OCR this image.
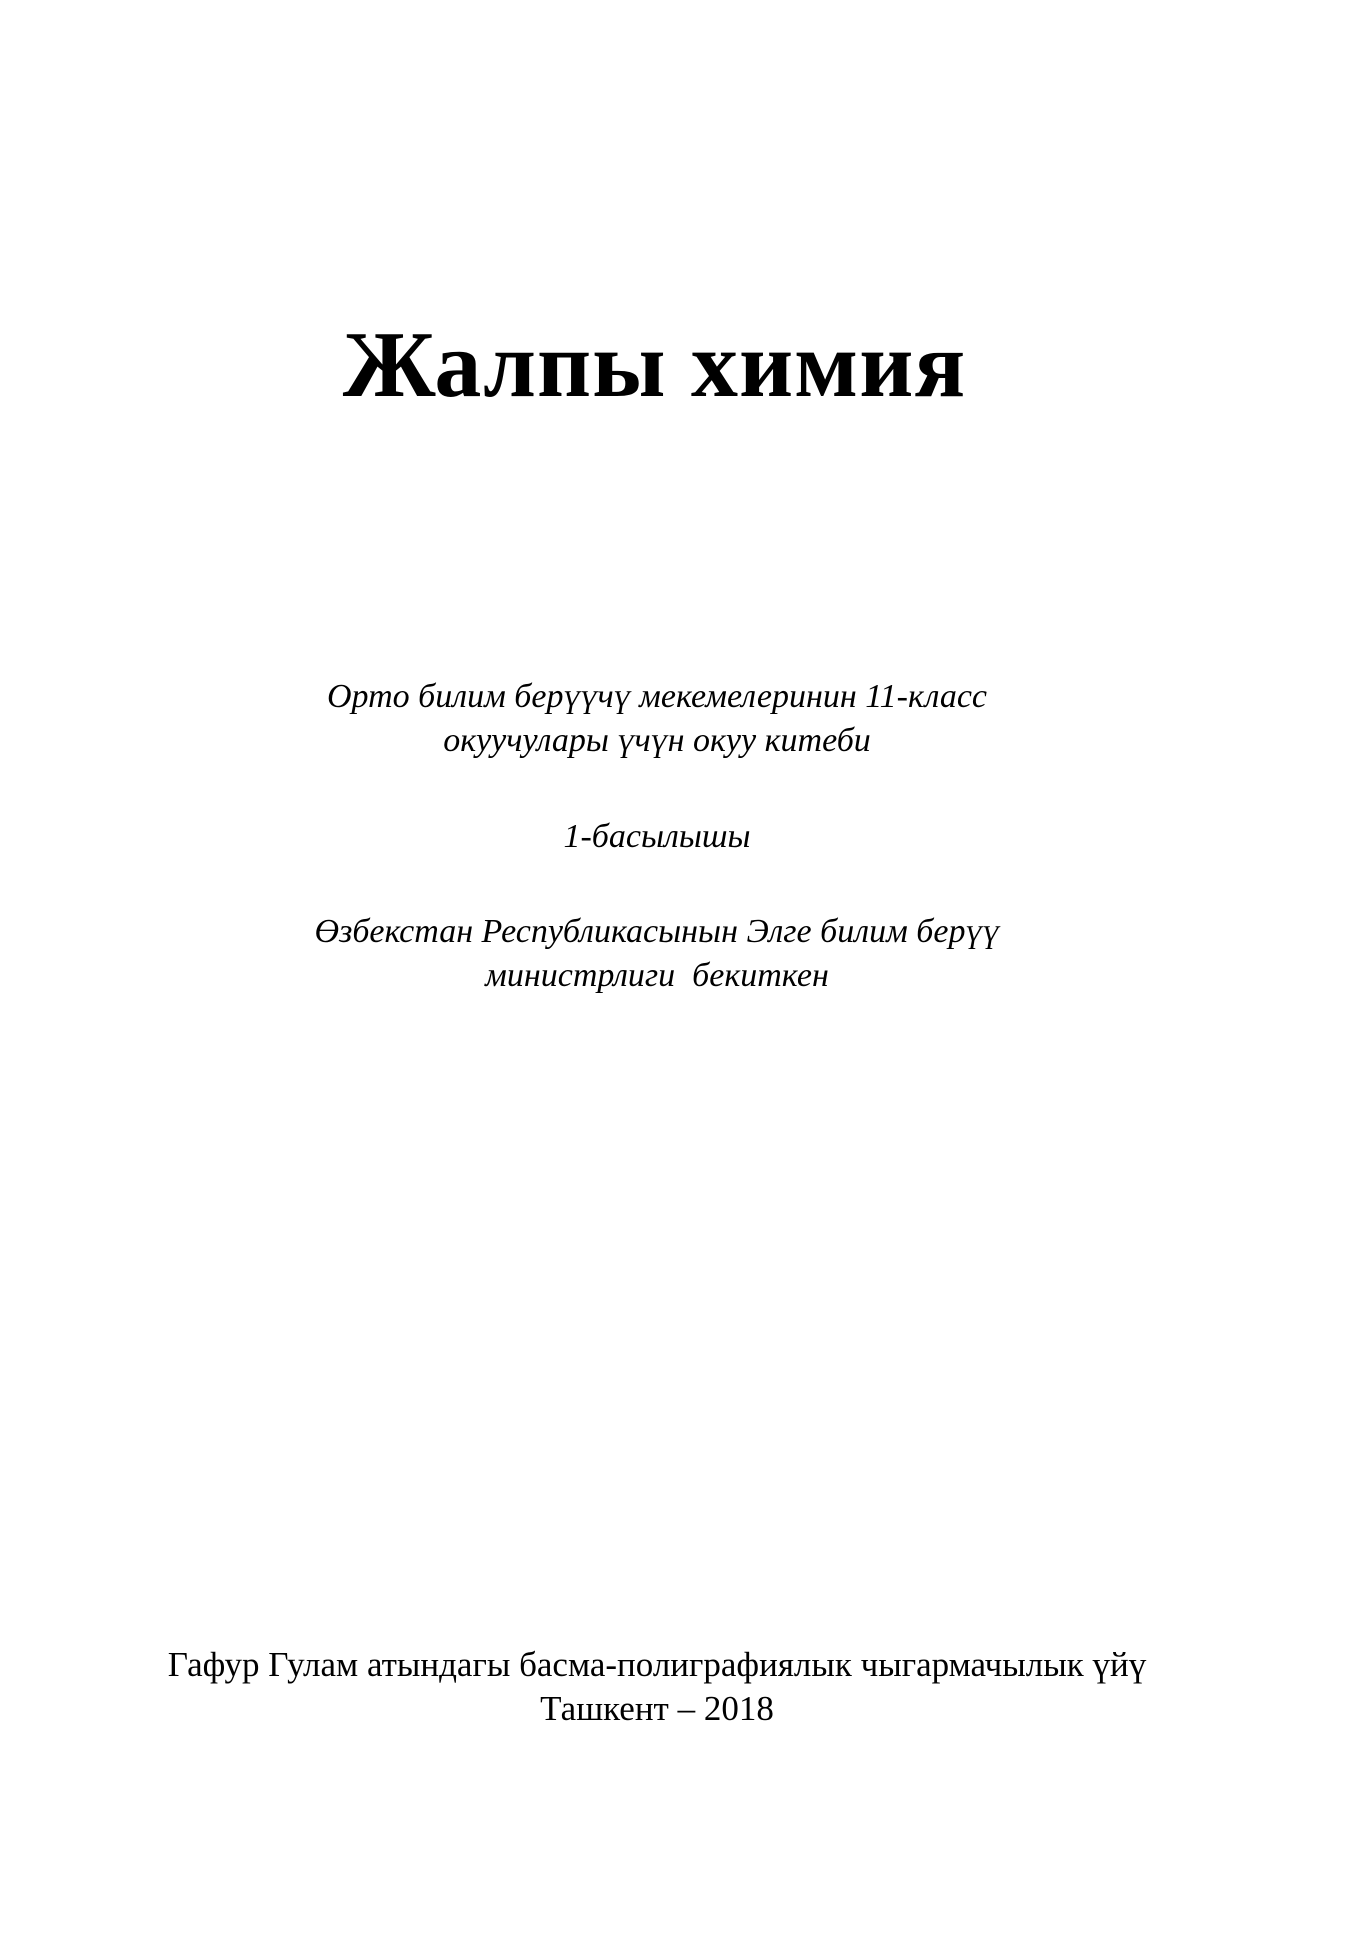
Жалпы химия
Орто билим берүүчү мекемелеринин 11-класс
окуучулары үчүн окуу китеби
1-басылышы
Өзбекстан Республикасынын Элге билим берүү
министрлиги  бекиткен
Гафур Гулам атындагы басма-полиграфиялык чыгармачылык үйү
Ташкент – 2018
